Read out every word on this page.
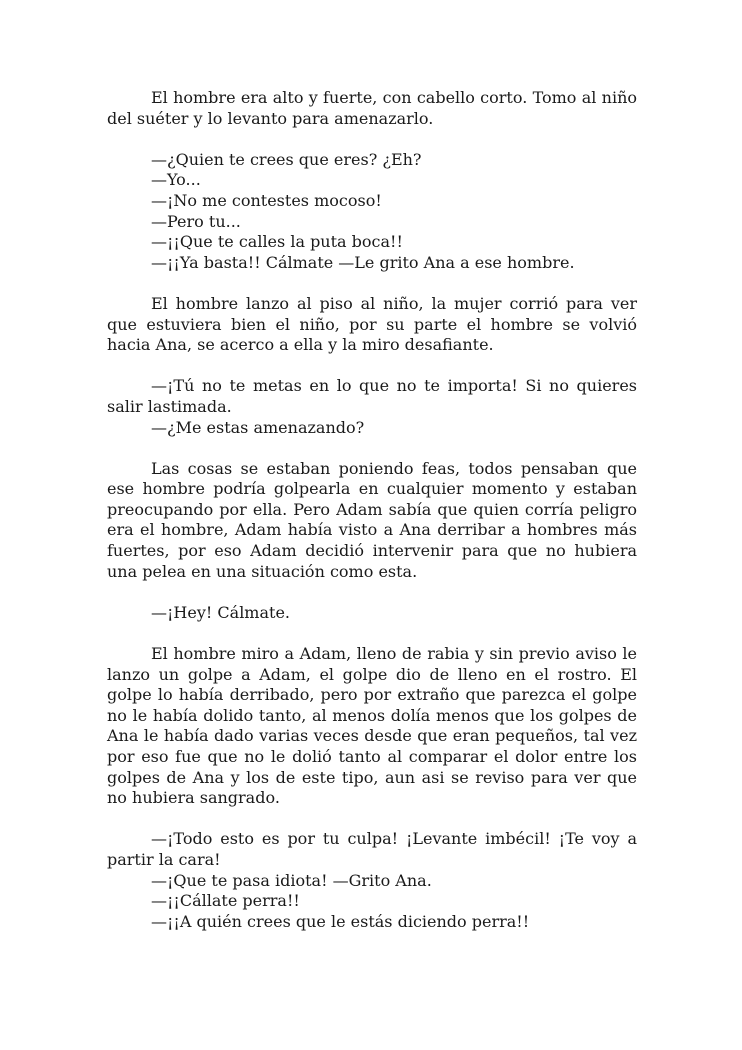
El hombre era alto y fuerte, con cabello corto. Tomo al niño del suéter y lo levanto para amenazarlo.

—¿Quien te crees que eres? ¿Eh?

—Yo...

—¡No me contestes mocoso!

—Pero tu...

—¡¡Que te calles la puta boca!!

—¡¡Ya basta!! Cálmate —Le grito Ana a ese hombre.

El hombre lanzo al piso al niño, la mujer corrió para ver que estuviera bien el niño, por su parte el hombre se volvió hacia Ana, se acerco a ella y la miro desafiante.

—¡Tú no te metas en lo que no te importa! Si no quieres salir lastimada.

—¿Me estas amenazando?

Las cosas se estaban poniendo feas, todos pensaban que ese hombre podría golpearla en cualquier momento y estaban preocupando por ella. Pero Adam sabía que quien corría peligro era el hombre, Adam había visto a Ana derribar a hombres más fuertes, por eso Adam decidió intervenir para que no hubiera una pelea en una situación como esta.

—¡Hey! Cálmate.

El hombre miro a Adam, lleno de rabia y sin previo aviso le lanzo un golpe a Adam, el golpe dio de lleno en el rostro. El golpe lo había derribado, pero por extraño que parezca el golpe no le había dolido tanto, al menos dolía menos que los golpes de Ana le había dado varias veces desde que eran pequeños, tal vez por eso fue que no le dolió tanto al comparar el dolor entre los golpes de Ana y los de este tipo, aun asi se reviso para ver que no hubiera sangrado.

—¡Todo esto es por tu culpa! ¡Levante imbécil! ¡Te voy a partir la cara!

—¡Que te pasa idiota! —Grito Ana.

—¡¡Cállate perra!!

—¡¡A quién crees que le estás diciendo perra!!
